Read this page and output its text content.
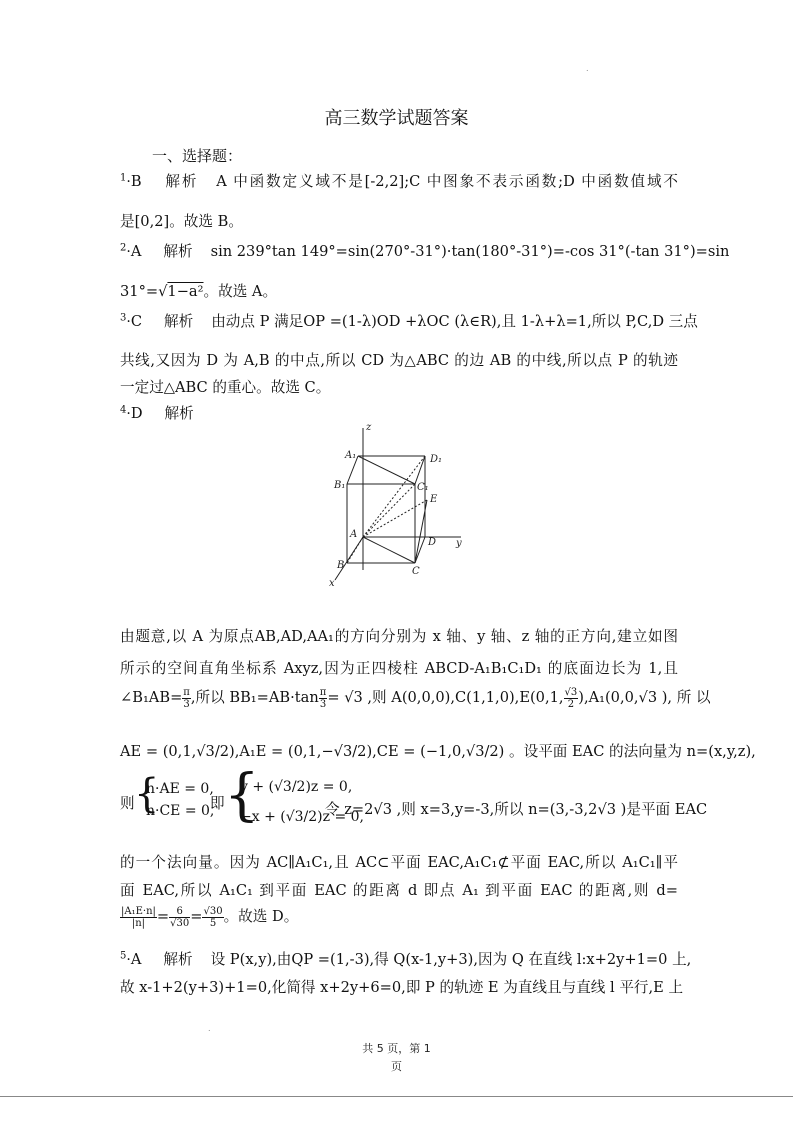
.
高三数学试题答案
一、选择题：
$^1$·B 解析 A 中函数定义域不是[-2,2];C 中图象不表示函数;D 中函数值域不
是[0,2]。故选 B。
$^2$·A 解析 sin 239°tan 149°=sin(270°-31°)·tan(180°-31°)=-cos 31°(-tan 31°)=sin
31°=√1−a²。故选 A。
$^3$·C 解析 由动点 P 满足OP =(1-λ)OD +λOC (λ∈R),且 1-λ+λ=1,所以 P,C,D 三点
共线,又因为 D 为 A,B 的中点,所以 CD 为△ABC 的边 AB 的中线,所以点 P 的轨迹
一定过△ABC 的重心。故选 C。
$^4$·D 解析
z
y
x
A₁	D₁
B₁	C₁
E
A
D
B
C
由题意,以 A 为原点AB,AD,AA₁的方向分别为 x 轴、y 轴、z 轴的正方向,建立如图
所示的空间直角坐标系 Axyz,因为正四棱柱 ABCD-A₁B₁C₁D₁ 的底面边长为 1,且
∠B₁AB= $\frac{\pi}{3}$ ,所以 $BB_1=AB\cdot\tan \frac{\pi}{3} = √3$ ,则 A(0,0,0),C(1,1,0),E(0,1, $\frac{√3}{2} ),A_1(0,0,√3$ ), 所 以
AE = (0,1,√3/2),A₁E = (0,1,−√3/2),CE = (−1,0,√3/2) 。设平面 EAC 的法向量为 n=(x,y,z),
则 {
n·AE = 0,
n·CE = 0,
即 {
y + (√3/2)z = 0,
−x + (√3/2)z = 0,
令 z=2√3 ,则 x=3,y=-3,所以 n=(3,-3,2√3 )是平面 EAC
的一个法向量。因为 AC∥A₁C₁,且 AC⊂平面 EAC,A₁C₁⊄平面 EAC,所以 A₁C₁∥平
面 EAC,所以 A₁C₁ 到平面 EAC 的距离 d 即点 A₁ 到平面 EAC 的距离,则 d=
$\frac{\text{|A₁E·n|}}{|n|} = \frac{6}{√30} = \frac{√30}{5}$ 。故选 D。
$^5$·A 解析 设 P(x,y),由QP =(1,-3),得 Q(x-1,y+3),因为 Q 在直线 l:x+2y+1=0 上,
故 x-1+2(y+3)+1=0,化简得 x+2y+6=0,即 P 的轨迹 E 为直线且与直线 l 平行,E 上
.
共 5 页，第 1
页
